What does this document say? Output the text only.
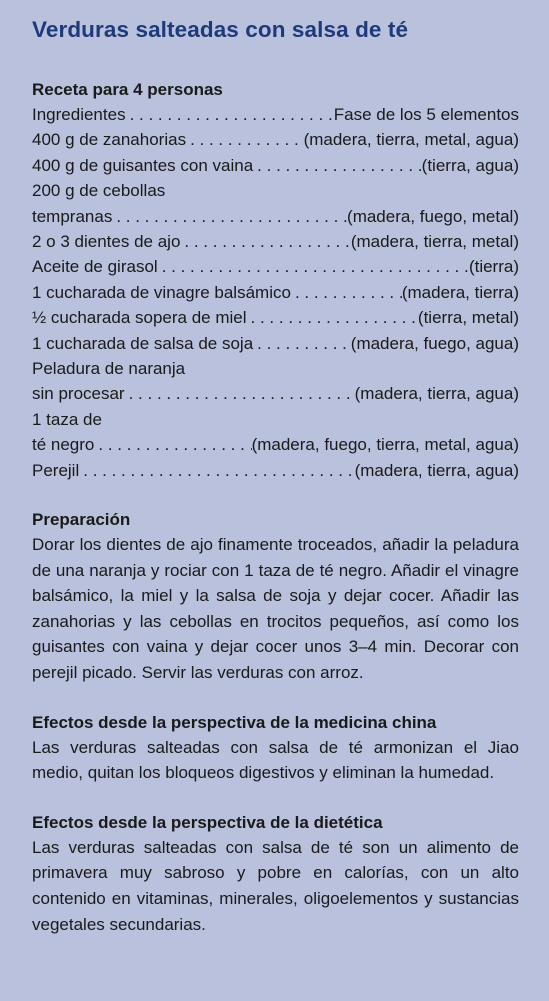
Verduras salteadas con salsa de té
Receta para 4 personas
Ingredientes . . .	Fase de los 5 elementos
400 g de zanahorias . . .	(madera, tierra, metal, agua)
400 g de guisantes con vaina . . .	(tierra, agua)
200 g de cebollas
tempranas . . .	(madera, fuego, metal)
2 o 3 dientes de ajo . . .	(madera, tierra, metal)
Aceite de girasol . . .	(tierra)
1 cucharada de vinagre balsámico . . .	(madera, tierra)
½ cucharada sopera de miel . . .	(tierra, metal)
1 cucharada de salsa de soja . . .	(madera, fuego, agua)
Peladura de naranja
sin procesar . . .	(madera, tierra, agua)
1 taza de
té negro . . .	(madera, fuego, tierra, metal, agua)
Perejil . . .	(madera, tierra, agua)
Preparación

Dorar los dientes de ajo finamente troceados, añadir la peladura de una naranja y rociar con 1 taza de té negro. Añadir el vinagre balsámico, la miel y la salsa de soja y dejar cocer. Añadir las zanahorias y las cebollas en trocitos pequeños, así como los guisantes con vaina y dejar cocer unos 3–4 min. Decorar con perejil picado. Servir las verduras con arroz.

Efectos desde la perspectiva de la medicina china

Las verduras salteadas con salsa de té armonizan el Jiao medio, quitan los bloqueos digestivos y eliminan la humedad.

Efectos desde la perspectiva de la dietética

Las verduras salteadas con salsa de té son un alimento de primavera muy sabroso y pobre en calorías, con un alto contenido en vitaminas, minerales, oligoelementos y sustancias vegetales secundarias.
